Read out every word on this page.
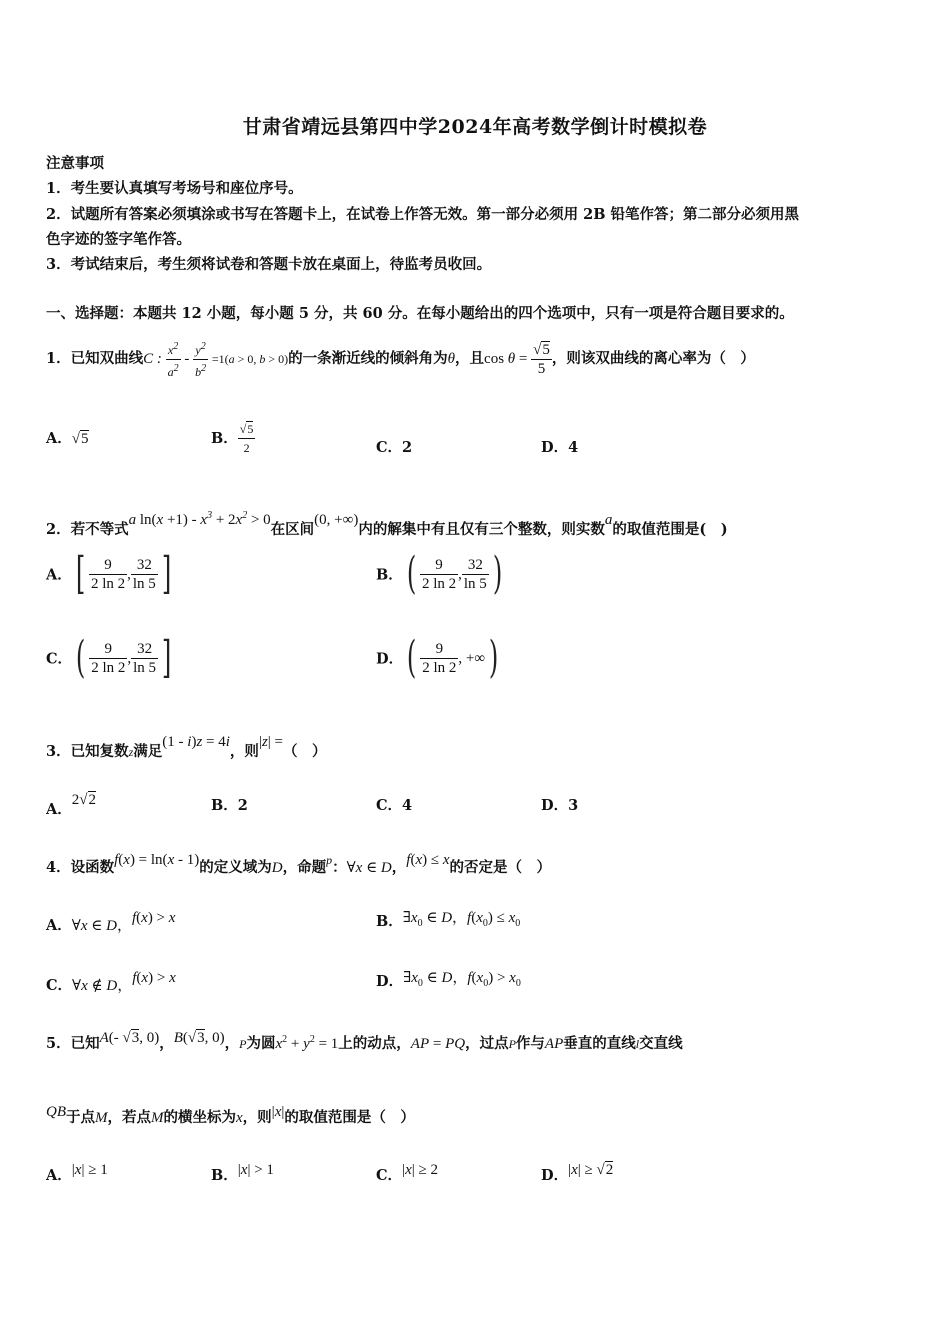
甘肃省靖远县第四中学2024年高考数学倒计时模拟卷
注意事项
1．考生要认真填写考场号和座位序号。
2．试题所有答案必须填涂或书写在答题卡上，在试卷上作答无效。第一部分必须用 2B 铅笔作答；第二部分必须用黑
色字迹的签字笔作答。
3．考试结束后，考生须将试卷和答题卡放在桌面上，待监考员收回。
一、选择题：本题共 12 小题，每小题 5 分，共 60 分。在每小题给出的四个选项中，只有一项是符合题目要求的。
1．已知双曲线C : $\frac{x^2}{a^2} - \frac{y^2}{b^2} =1(a > 0$, b > 0)的一条渐近线的倾斜角为θ，且$\cos \theta = \frac{√5}{5}$ ，则该双曲线的离心率为（　）
A．√5	B． $\frac{√5}{2}$	C．2	D．4
2．若不等式a $\ln(x +1) - x^3 + 2x^2 > 0$在区间(0, +∞)内的解集中有且仅有三个整数，则实数a的取值范围是(　)
A．[ $\frac{9}{2 \ln 2}$ , $\frac{32}{\ln 5}$ ]	B．( $\frac{9}{2 \ln 2}$ , $\frac{32}{\ln 5}$ )
C．( $\frac{9}{2 \ln 2}$ , $\frac{32}{\ln 5}$ ]	D．( $\frac{9}{2 \ln 2}$ , +∞)
3．已知复数z满足(1 - i)z = 4i，则|z| =（　）
A．2√2	B．2	C．4	D．3
4．设函数f(x) = ln(x - 1)的定义域为D，命题$^p$：∀x ∈ D，f(x) ≤ x的否定是（　）
A．∀x ∈ D，f(x) > x	B．$\exists x_0$ ∈ D，$f(x_0) \le x_0$
C．∀x ∉ D，f(x) > x	D．$\exists x_0$ ∈ D，$f(x_0) > x_0$
5．已知A(- √3, 0)，B(√3, 0)，P为圆$x^2 + y^2 = 1$上的动点，AP = PQ，过点P作与AP垂直的直线l交直线
QB于点M，若点M的横坐标为x，则|x|的取值范围是（　）
A．|x| ≥ 1	B．|x| > 1	C．|x| ≥ 2	D．|x| ≥ √2
